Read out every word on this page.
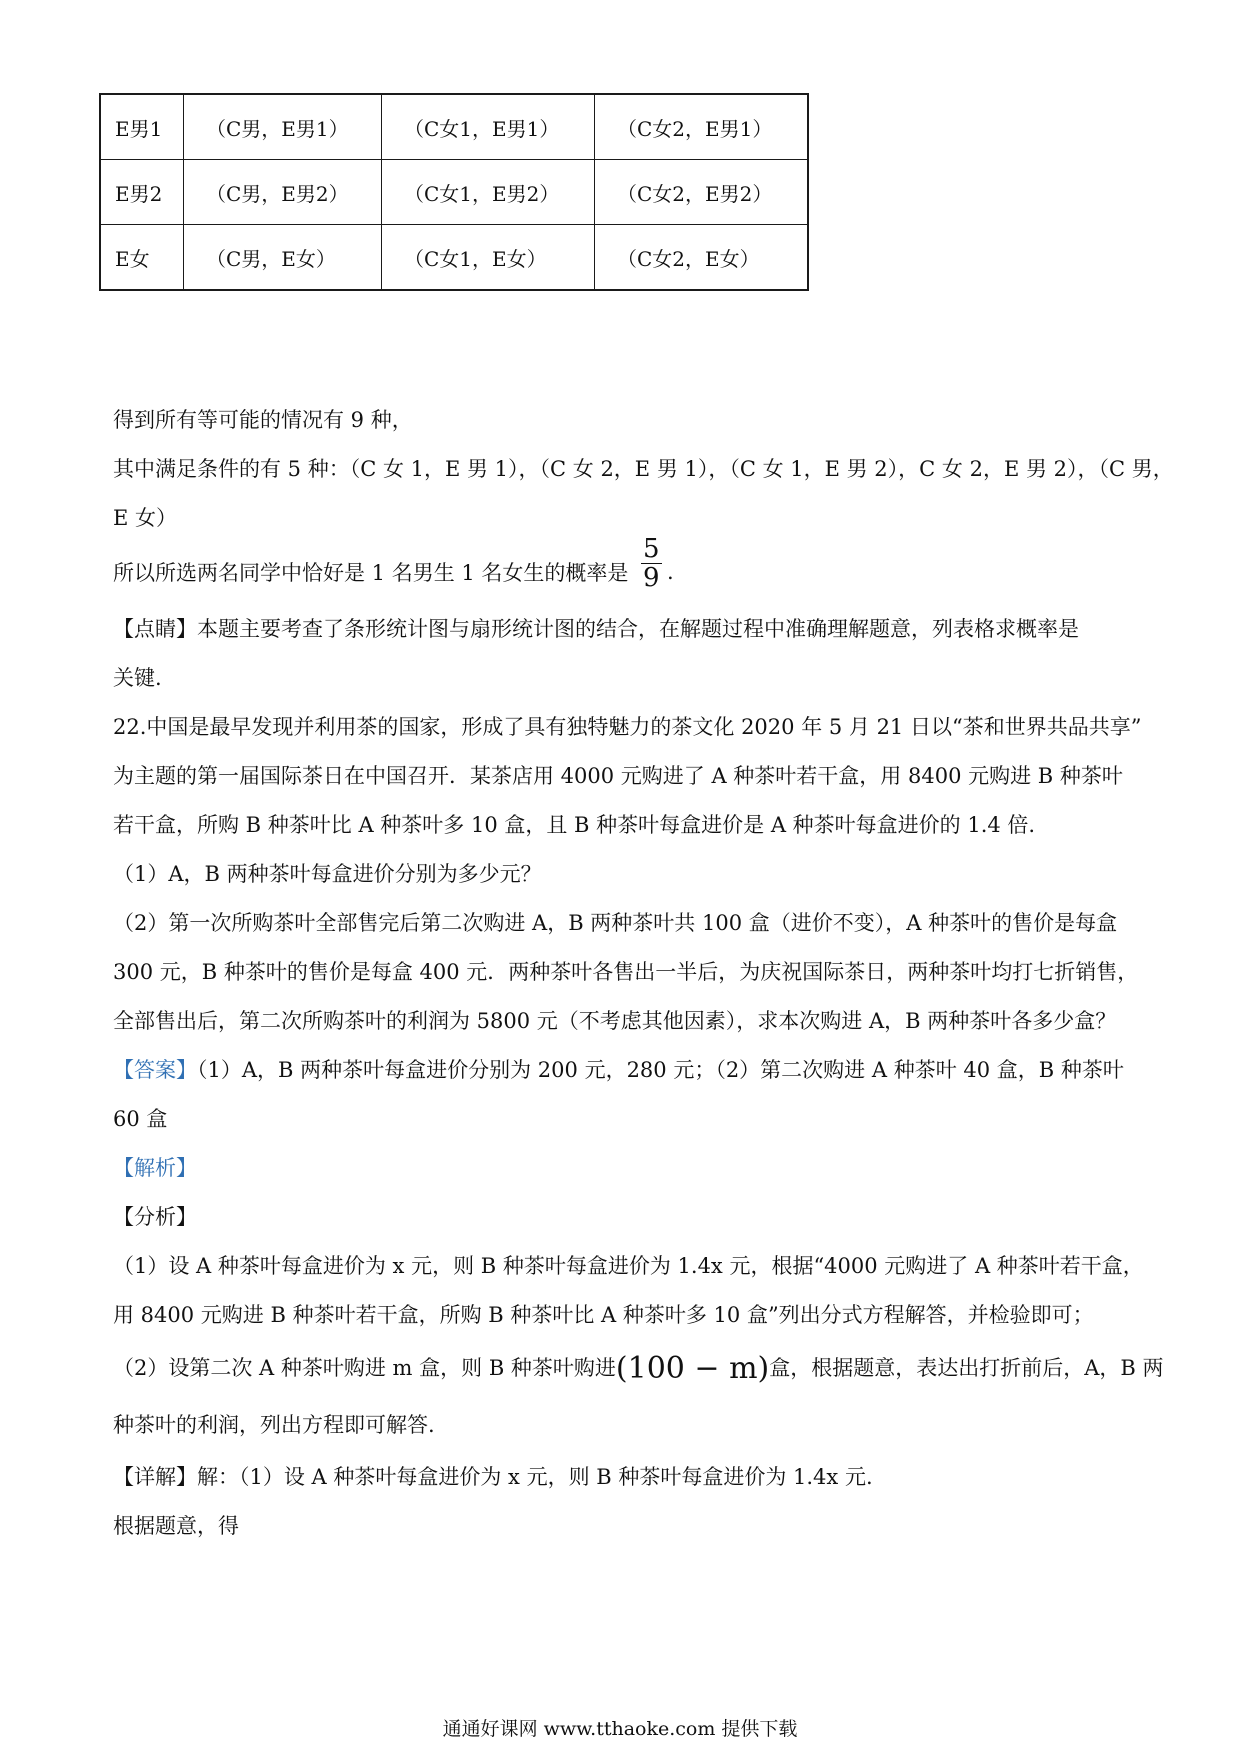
E男1	（C男，E男1）	（C女1，E男1）	（C女2，E男1）
E男2	（C男，E男2）	（C女1，E男2）	（C女2，E男2）
E女	（C男，E女）	（C女1，E女）	（C女2，E女）
得到所有等可能的情况有 9 种，
其中满足条件的有 5 种：（C 女 1，E 男 1），（C 女 2，E 男 1），（C 女 1，E 男 2），C 女 2，E 男 2），（C 男，
E 女）
所以所选两名同学中恰好是 1 名男生 1 名女生的概率是 $\frac{5}{9}$ .
【点睛】本题主要考查了条形统计图与扇形统计图的结合，在解题过程中准确理解题意，列表格求概率是
关键.
22.中国是最早发现并利用茶的国家，形成了具有独特魅力的茶文化 2020 年 5 月 21 日以“茶和世界共品共享”
为主题的第一届国际茶日在中国召开．某茶店用 4000 元购进了 A 种茶叶若干盒，用 8400 元购进 B 种茶叶
若干盒，所购 B 种茶叶比 A 种茶叶多 10 盒，且 B 种茶叶每盒进价是 A 种茶叶每盒进价的 1.4 倍.
（1）A，B 两种茶叶每盒进价分别为多少元？
（2）第一次所购茶叶全部售完后第二次购进 A，B 两种茶叶共 100 盒（进价不变），A 种茶叶的售价是每盒
300 元，B 种茶叶的售价是每盒 400 元．两种茶叶各售出一半后，为庆祝国际茶日，两种茶叶均打七折销售，
全部售出后，第二次所购茶叶的利润为 5800 元（不考虑其他因素），求本次购进 A，B 两种茶叶各多少盒？
【答案】（1）A，B 两种茶叶每盒进价分别为 200 元，280 元；（2）第二次购进 A 种茶叶 40 盒，B 种茶叶
60 盒
【解析】
【分析】
（1）设 A 种茶叶每盒进价为 x 元，则 B 种茶叶每盒进价为 1.4x 元，根据“4000 元购进了 A 种茶叶若干盒，
用 8400 元购进 B 种茶叶若干盒，所购 B 种茶叶比 A 种茶叶多 10 盒”列出分式方程解答，并检验即可；
（2）设第二次 A 种茶叶购进 m 盒，则 B 种茶叶购进(100 − m)盒，根据题意，表达出打折前后，A，B 两
种茶叶的利润，列出方程即可解答.
【详解】解：（1）设 A 种茶叶每盒进价为 x 元，则 B 种茶叶每盒进价为 1.4x 元.
根据题意，得
通通好课网 www.tthaoke.com 提供下载
